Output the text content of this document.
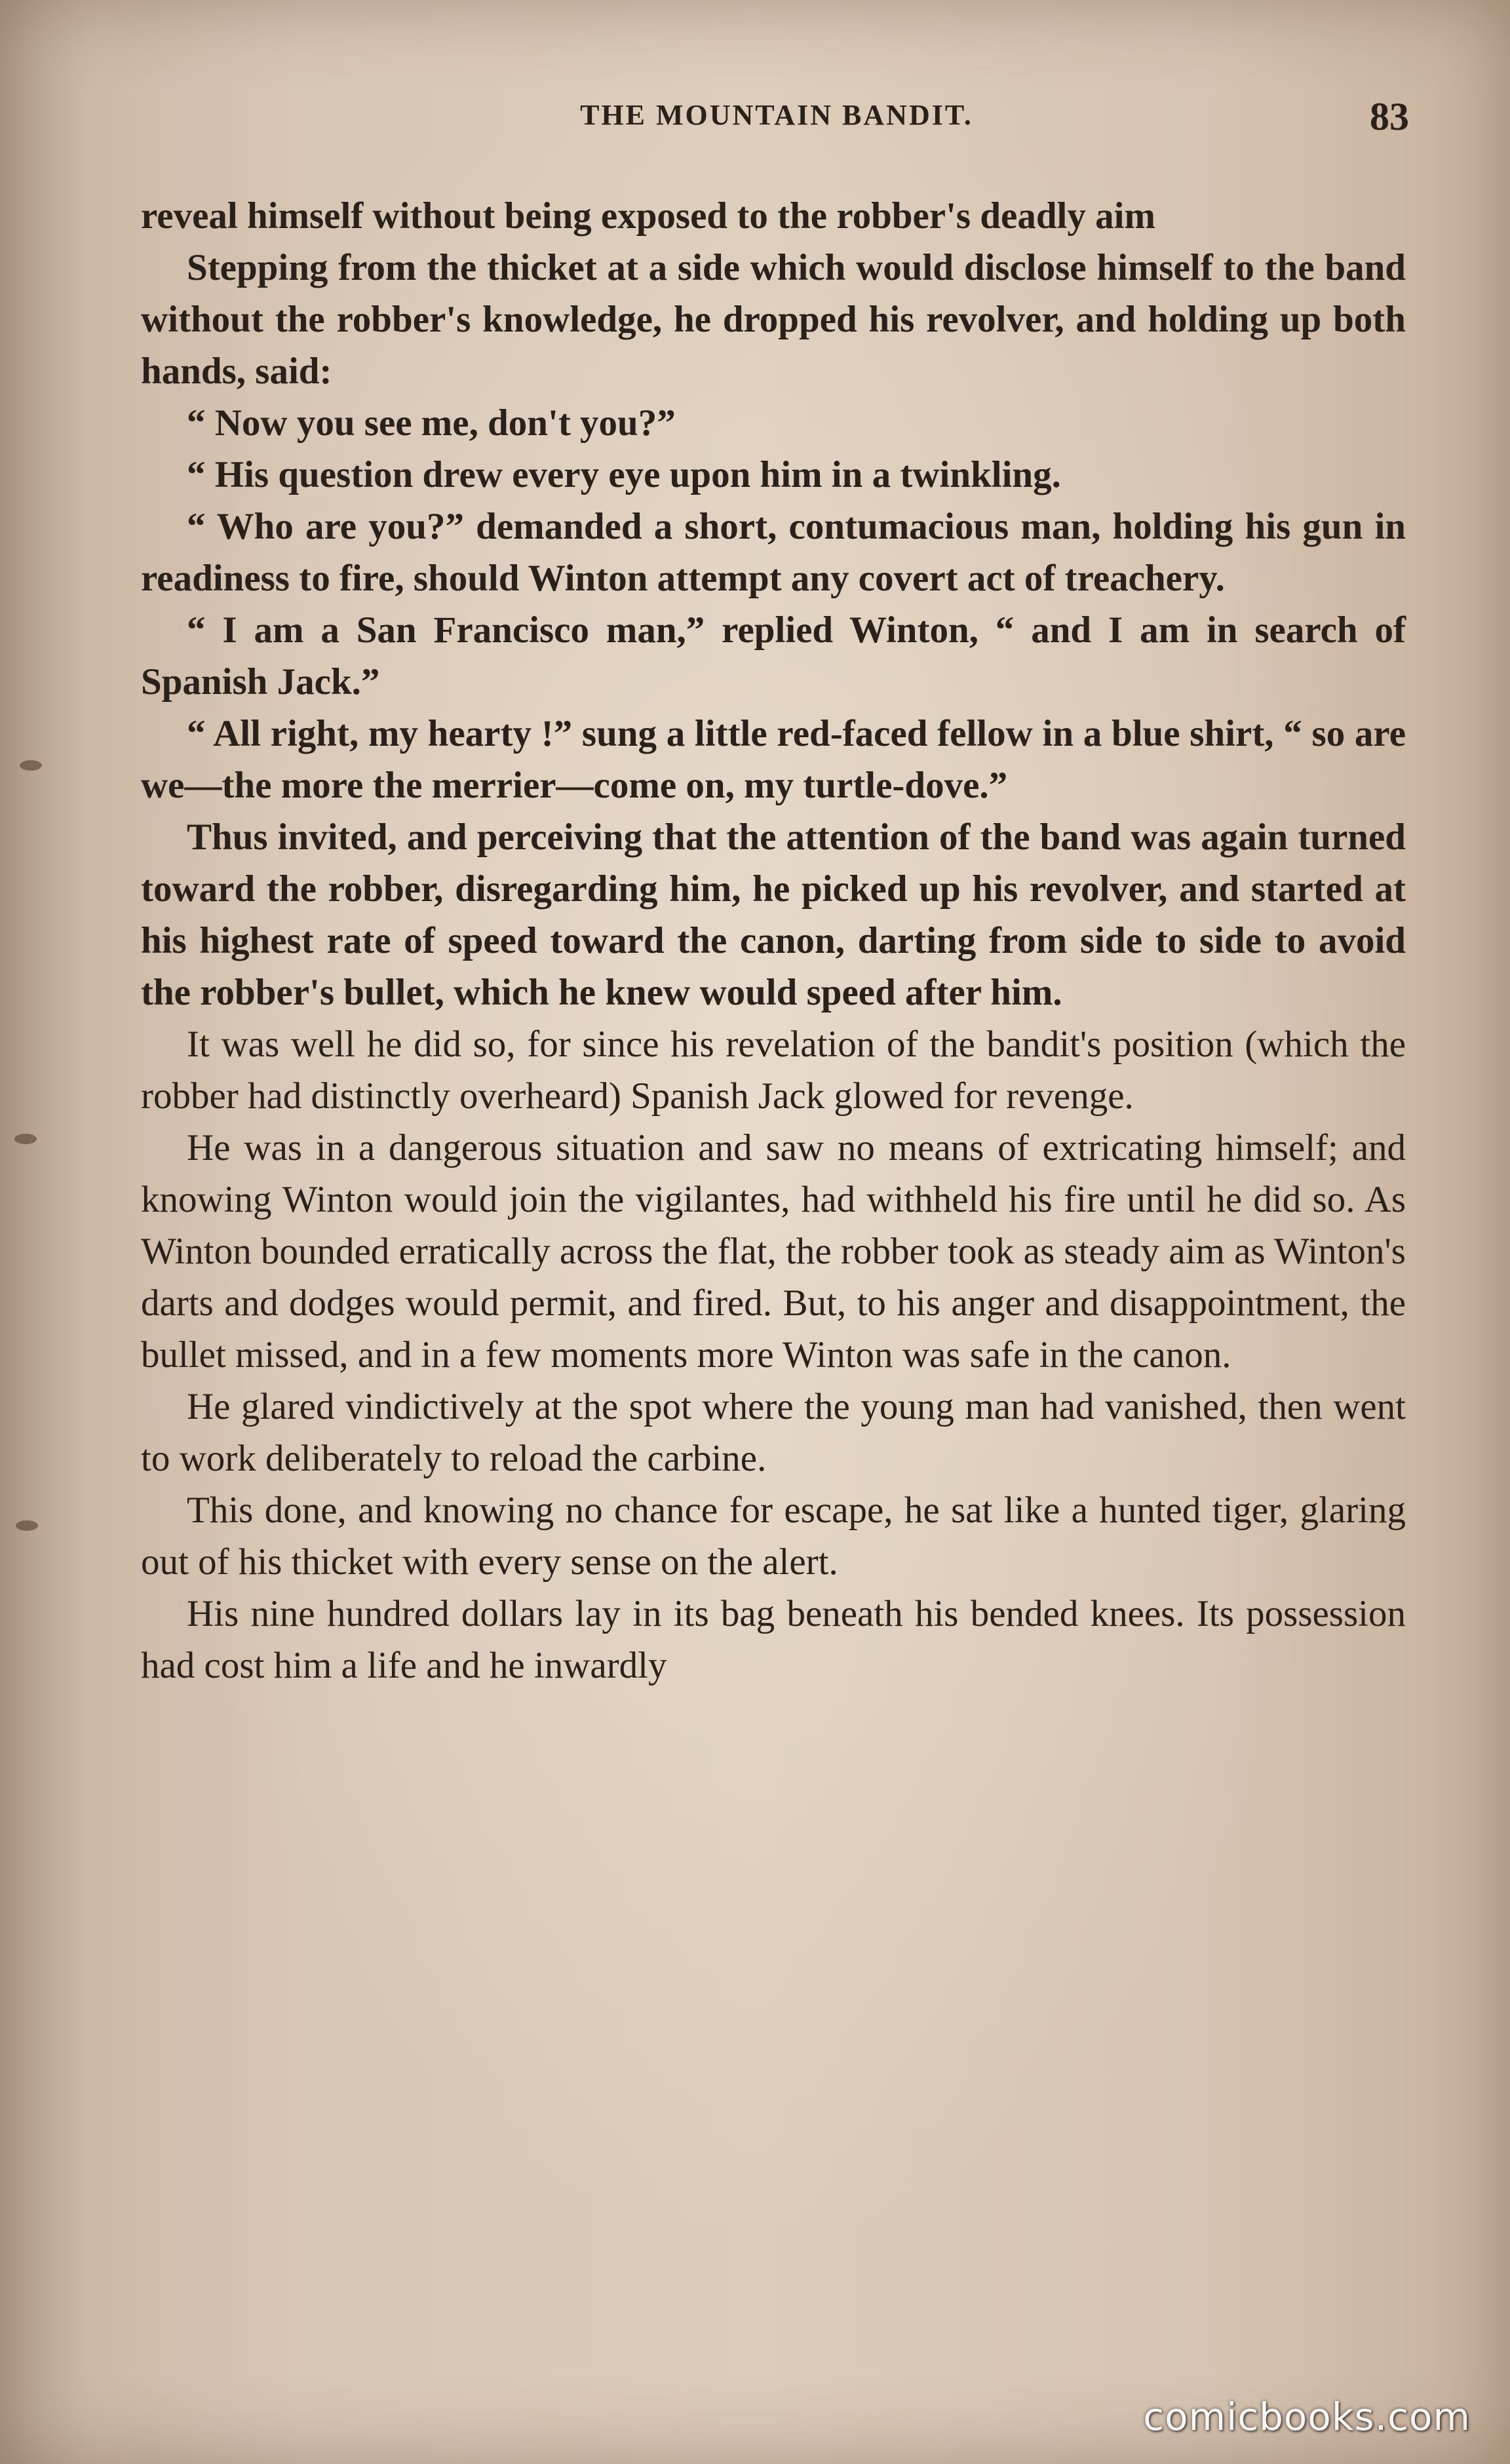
THE MOUNTAIN BANDIT.	83

reveal himself without being exposed to the robber's deadly aim

Stepping from the thicket at a side which would disclose himself to the band without the robber's knowledge, he dropped his revolver, and holding up both hands, said:

“ Now you see me, don't you?”

“ His question drew every eye upon him in a twinkling.

“ Who are you?” demanded a short, contumacious man, holding his gun in readiness to fire, should Winton attempt any covert act of treachery.

“ I am a San Francisco man,” replied Winton, “ and I am in search of Spanish Jack.”

“ All right, my hearty !” sung a little red-faced fellow in a blue shirt, “ so are we—the more the merrier—come on, my turtle-dove.”

Thus invited, and perceiving that the attention of the band was again turned toward the robber, disregarding him, he picked up his revolver, and started at his highest rate of speed toward the canon, darting from side to side to avoid the robber's bullet, which he knew would speed after him.

It was well he did so, for since his revelation of the bandit's position (which the robber had distinctly overheard) Spanish Jack glowed for revenge.

He was in a dangerous situation and saw no means of extricating himself; and knowing Winton would join the vigilantes, had withheld his fire until he did so. As Winton bounded erratically across the flat, the robber took as steady aim as Winton's darts and dodges would permit, and fired. But, to his anger and disappointment, the bullet missed, and in a few moments more Winton was safe in the canon.

He glared vindictively at the spot where the young man had vanished, then went to work deliberately to reload the carbine.

This done, and knowing no chance for escape, he sat like a hunted tiger, glaring out of his thicket with every sense on the alert.

His nine hundred dollars lay in its bag beneath his bended knees. Its possession had cost him a life and he inwardly

comicbooks.com
